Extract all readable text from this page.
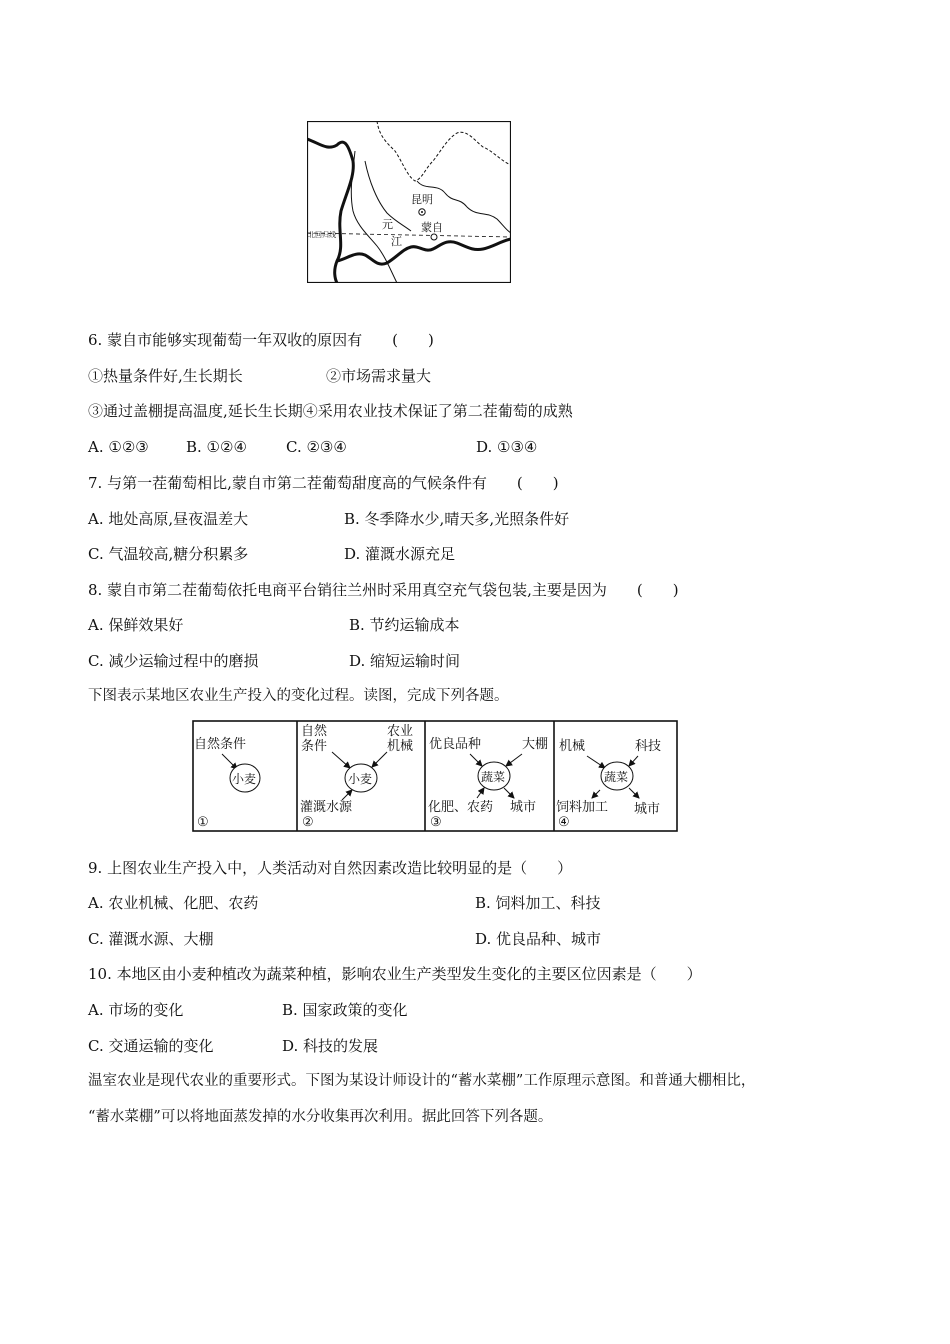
北回归线
昆明
蒙自
元
江
6. 蒙自市能够实现葡萄一年双收的原因有 (　　)
①热量条件好,生长期长	②市场需求量大
③通过盖棚提高温度,延长生长期④采用农业技术保证了第二茬葡萄的成熟
A. ①②③ B. ①②④	C. ②③④	D. ①③④
7. 与第一茬葡萄相比,蒙自市第二茬葡萄甜度高的气候条件有 (　　)
A. 地处高原,昼夜温差大	B. 冬季降水少,晴天多,光照条件好
C. 气温较高,糖分积累多	D. 灌溉水源充足
8. 蒙自市第二茬葡萄依托电商平台销往兰州时采用真空充气袋包装,主要是因为 (　　)
A. 保鲜效果好	B. 节约运输成本
C. 减少运输过程中的磨损	D. 缩短运输时间
下图表示某地区农业生产投入的变化过程。读图，完成下列各题。
自然条件
小麦
①
自然
条件
农业
机械
小麦
灌溉水源
②
优良品种	大棚
蔬菜
化肥、农药 城市
③
机械	科技
蔬菜
饲料加工 城市
④
9. 上图农业生产投入中，人类活动对自然因素改造比较明显的是（　　）
A. 农业机械、化肥、农药	B. 饲料加工、科技
C. 灌溉水源、大棚	D. 优良品种、城市
10. 本地区由小麦种植改为蔬菜种植，影响农业生产类型发生变化的主要区位因素是（　　）
A. 市场的变化	B. 国家政策的变化
C. 交通运输的变化	D. 科技的发展
温室农业是现代农业的重要形式。下图为某设计师设计的“蓄水菜棚”工作原理示意图。和普通大棚相比，
“蓄水菜棚”可以将地面蒸发掉的水分收集再次利用。据此回答下列各题。
